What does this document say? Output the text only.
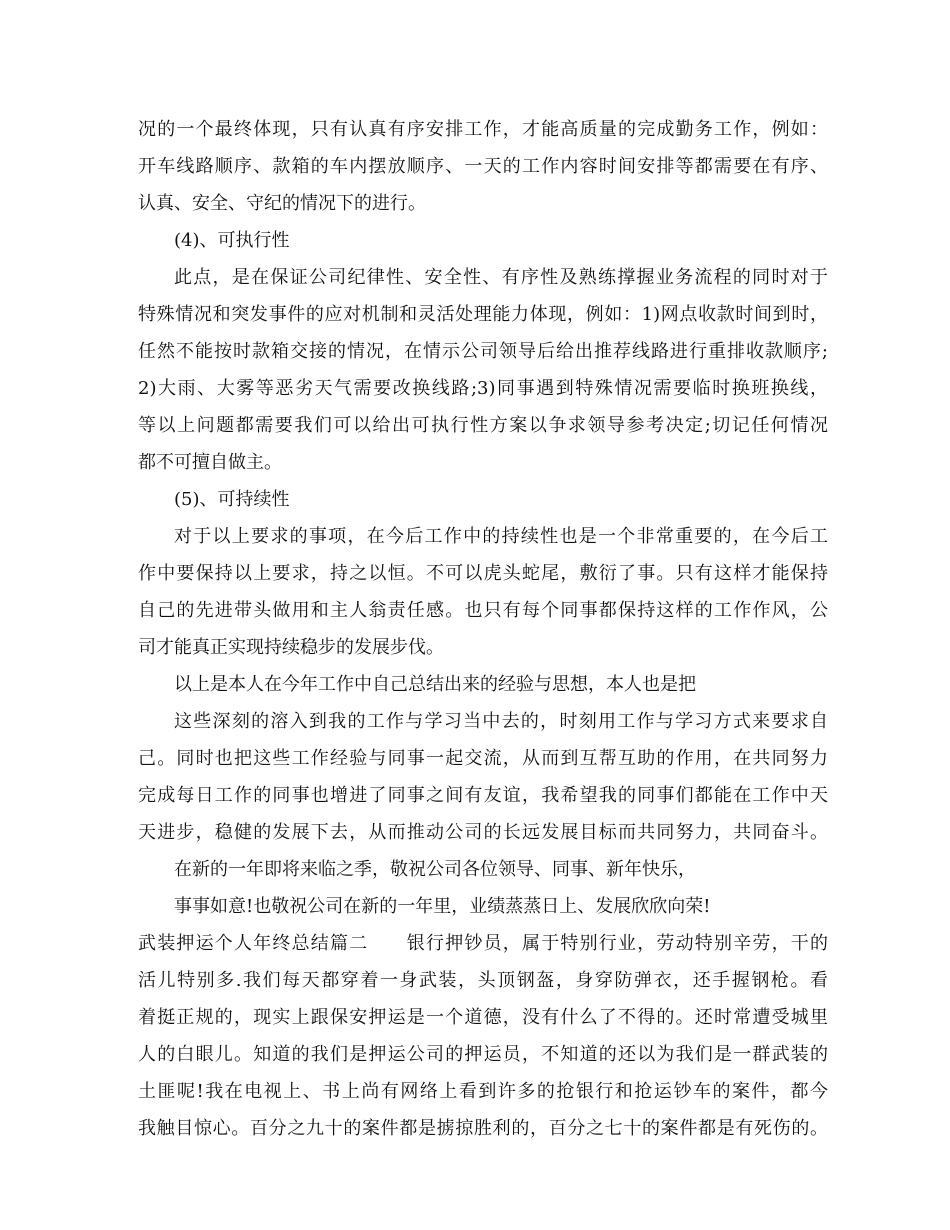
况的一个最终体现，只有认真有序安排工作，才能高质量的完成勤务工作，例如：
开车线路顺序、款箱的车内摆放顺序、一天的工作内容时间安排等都需要在有序、
认真、安全、守纪的情况下的进行。
(4)、可执行性
此点，是在保证公司纪律性、安全性、有序性及熟练撑握业务流程的同时对于
特殊情况和突发事件的应对机制和灵活处理能力体现，例如：1)网点收款时间到时，
任然不能按时款箱交接的情况，在情示公司领导后给出推荐线路进行重排收款顺序;
2)大雨、大雾等恶劣天气需要改换线路;3)同事遇到特殊情况需要临时换班换线，
等以上问题都需要我们可以给出可执行性方案以争求领导参考决定;切记任何情况
都不可擅自做主。
(5)、可持续性
对于以上要求的事项，在今后工作中的持续性也是一个非常重要的，在今后工
作中要保持以上要求，持之以恒。不可以虎头蛇尾，敷衍了事。只有这样才能保持
自己的先进带头做用和主人翁责任感。也只有每个同事都保持这样的工作作风，公
司才能真正实现持续稳步的发展步伐。
以上是本人在今年工作中自己总结出来的经验与思想，本人也是把
这些深刻的溶入到我的工作与学习当中去的，时刻用工作与学习方式来要求自
己。同时也把这些工作经验与同事一起交流，从而到互帮互助的作用，在共同努力
完成每日工作的同事也增进了同事之间有友谊，我希望我的同事们都能在工作中天
天进步，稳健的发展下去，从而推动公司的长远发展目标而共同努力，共同奋斗。
在新的一年即将来临之季，敬祝公司各位领导、同事、新年快乐，
事事如意!也敬祝公司在新的一年里，业绩蒸蒸日上、发展欣欣向荣!
武装押运个人年终总结篇二　　银行押钞员，属于特别行业，劳动特别辛劳，干的
活儿特别多.我们每天都穿着一身武装，头顶钢盔，身穿防弹衣，还手握钢枪。看
着挺正规的，现实上跟保安押运是一个道德，没有什么了不得的。还时常遭受城里
人的白眼儿。知道的我们是押运公司的押运员，不知道的还以为我们是一群武装的
土匪呢!我在电视上、书上尚有网络上看到许多的抢银行和抢运钞车的案件，都今
我触目惊心。百分之九十的案件都是掳掠胜利的，百分之七十的案件都是有死伤的。
